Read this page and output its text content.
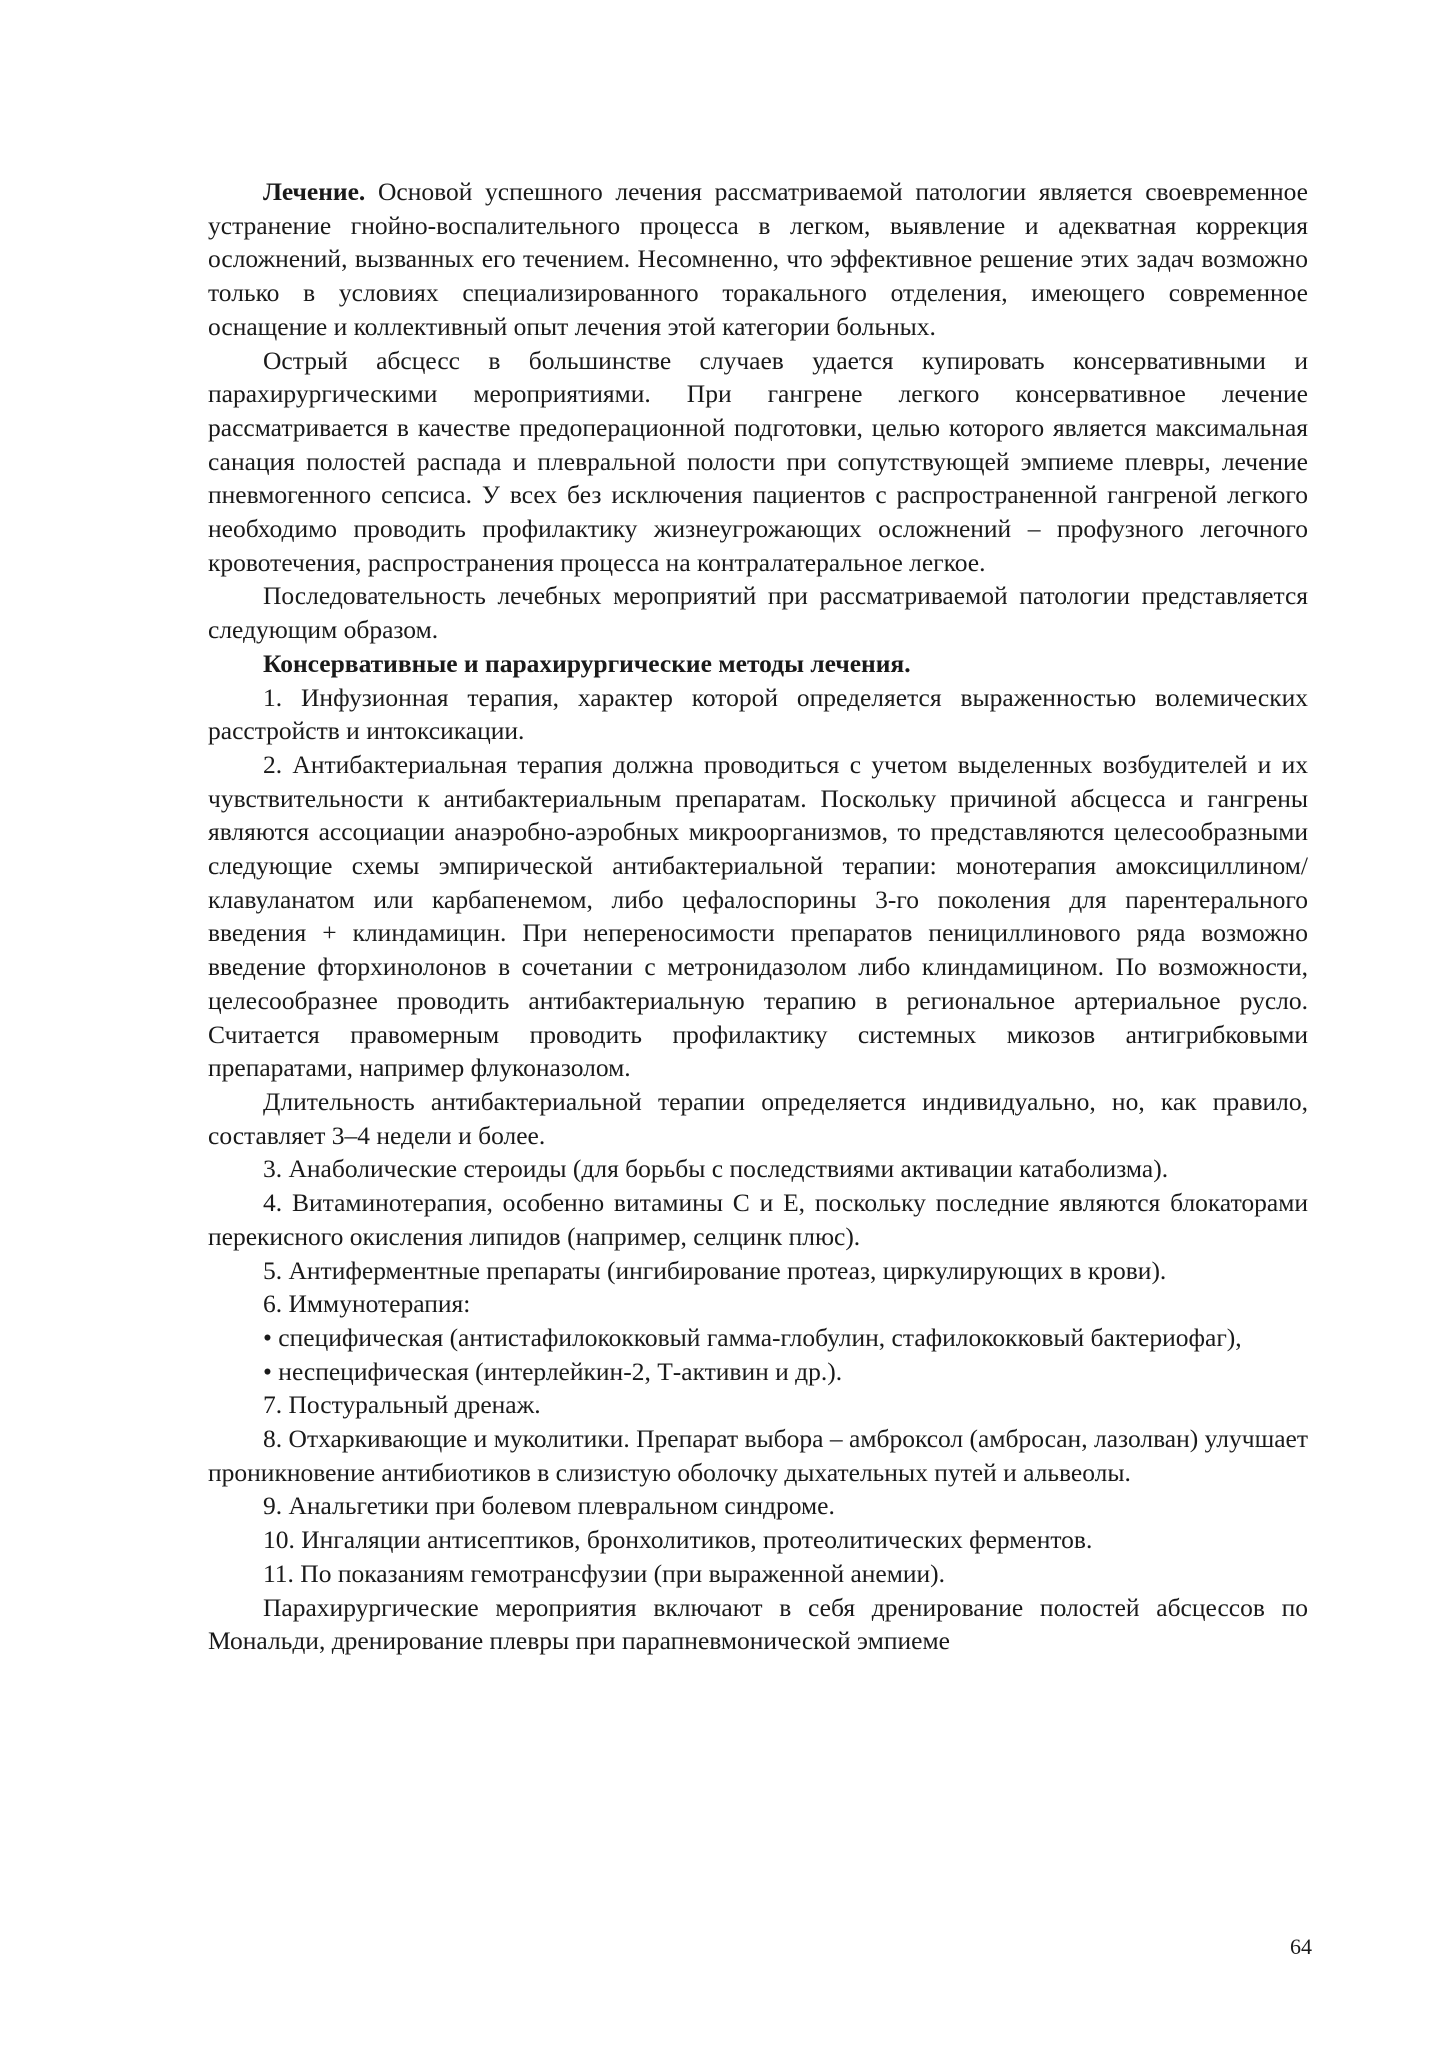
Лечение. Основой успешного лечения рассматриваемой патологии является своевременное устранение гнойно-воспалительного процесса в легком, выявление и адекватная коррекция осложнений, вызванных его течением. Несомненно, что эффективное решение этих задач возможно только в условиях специализированного торакального отделения, имеющего современное оснащение и коллективный опыт лечения этой категории больных.

Острый абсцесс в большинстве случаев удается купировать консервативными и парахирургическими мероприятиями. При гангрене легкого консервативное лечение рассматривается в качестве предоперационной подготовки, целью которого является максимальная санация полостей распада и плевральной полости при сопутствующей эмпиеме плевры, лечение пневмогенного сепсиса. У всех без исключения пациентов с распространенной гангреной легкого необходимо проводить профилактику жизнеугрожающих осложнений – профузного легочного кровотечения, распространения процесса на контралатеральное легкое.

Последовательность лечебных мероприятий при рассматриваемой патологии представляется следующим образом.

Консервативные и парахирургические методы лечения.

1. Инфузионная терапия, характер которой определяется выраженностью волемических расстройств и интоксикации.

2. Антибактериальная терапия должна проводиться с учетом выделенных возбудителей и их чувствительности к антибактериальным препаратам. Поскольку причиной абсцесса и гангрены являются ассоциации анаэробно-аэробных микроорганизмов, то представляются целесообразными следующие схемы эмпирической антибактериальной терапии: монотерапия амоксициллином/ клавуланатом или карбапенемом, либо цефалоспорины 3-го поколения для парентерального введения + клиндамицин. При непереносимости препаратов пенициллинового ряда возможно введение фторхинолонов в сочетании с метронидазолом либо клиндамицином. По возможности, целесообразнее проводить антибактериальную терапию в региональное артериальное русло. Считается правомерным проводить профилактику системных микозов антигрибковыми препаратами, например флуконазолом.

Длительность антибактериальной терапии определяется индивидуально, но, как правило, составляет 3–4 недели и более.

3. Анаболические стероиды (для борьбы с последствиями активации катаболизма).

4. Витаминотерапия, особенно витамины С и Е, поскольку последние являются блокаторами перекисного окисления липидов (например, селцинк плюс).

5. Антиферментные препараты (ингибирование протеаз, циркулирующих в крови).

6. Иммунотерапия:

• специфическая (антистафилококковый гамма-глобулин, стафилококковый бактериофаг),

• неспецифическая (интерлейкин-2, Т-активин и др.).

7. Постуральный дренаж.

8. Отхаркивающие и муколитики. Препарат выбора – амброксол (амбросан, лазолван) улучшает проникновение антибиотиков в слизистую оболочку дыхательных путей и альвеолы.

9. Анальгетики при болевом плевральном синдроме.

10. Ингаляции антисептиков, бронхолитиков, протеолитических ферментов.

11. По показаниям гемотрансфузии (при выраженной анемии).

Парахирургические мероприятия включают в себя дренирование полостей абсцессов по Мональди, дренирование плевры при парапневмонической эмпиеме

64
